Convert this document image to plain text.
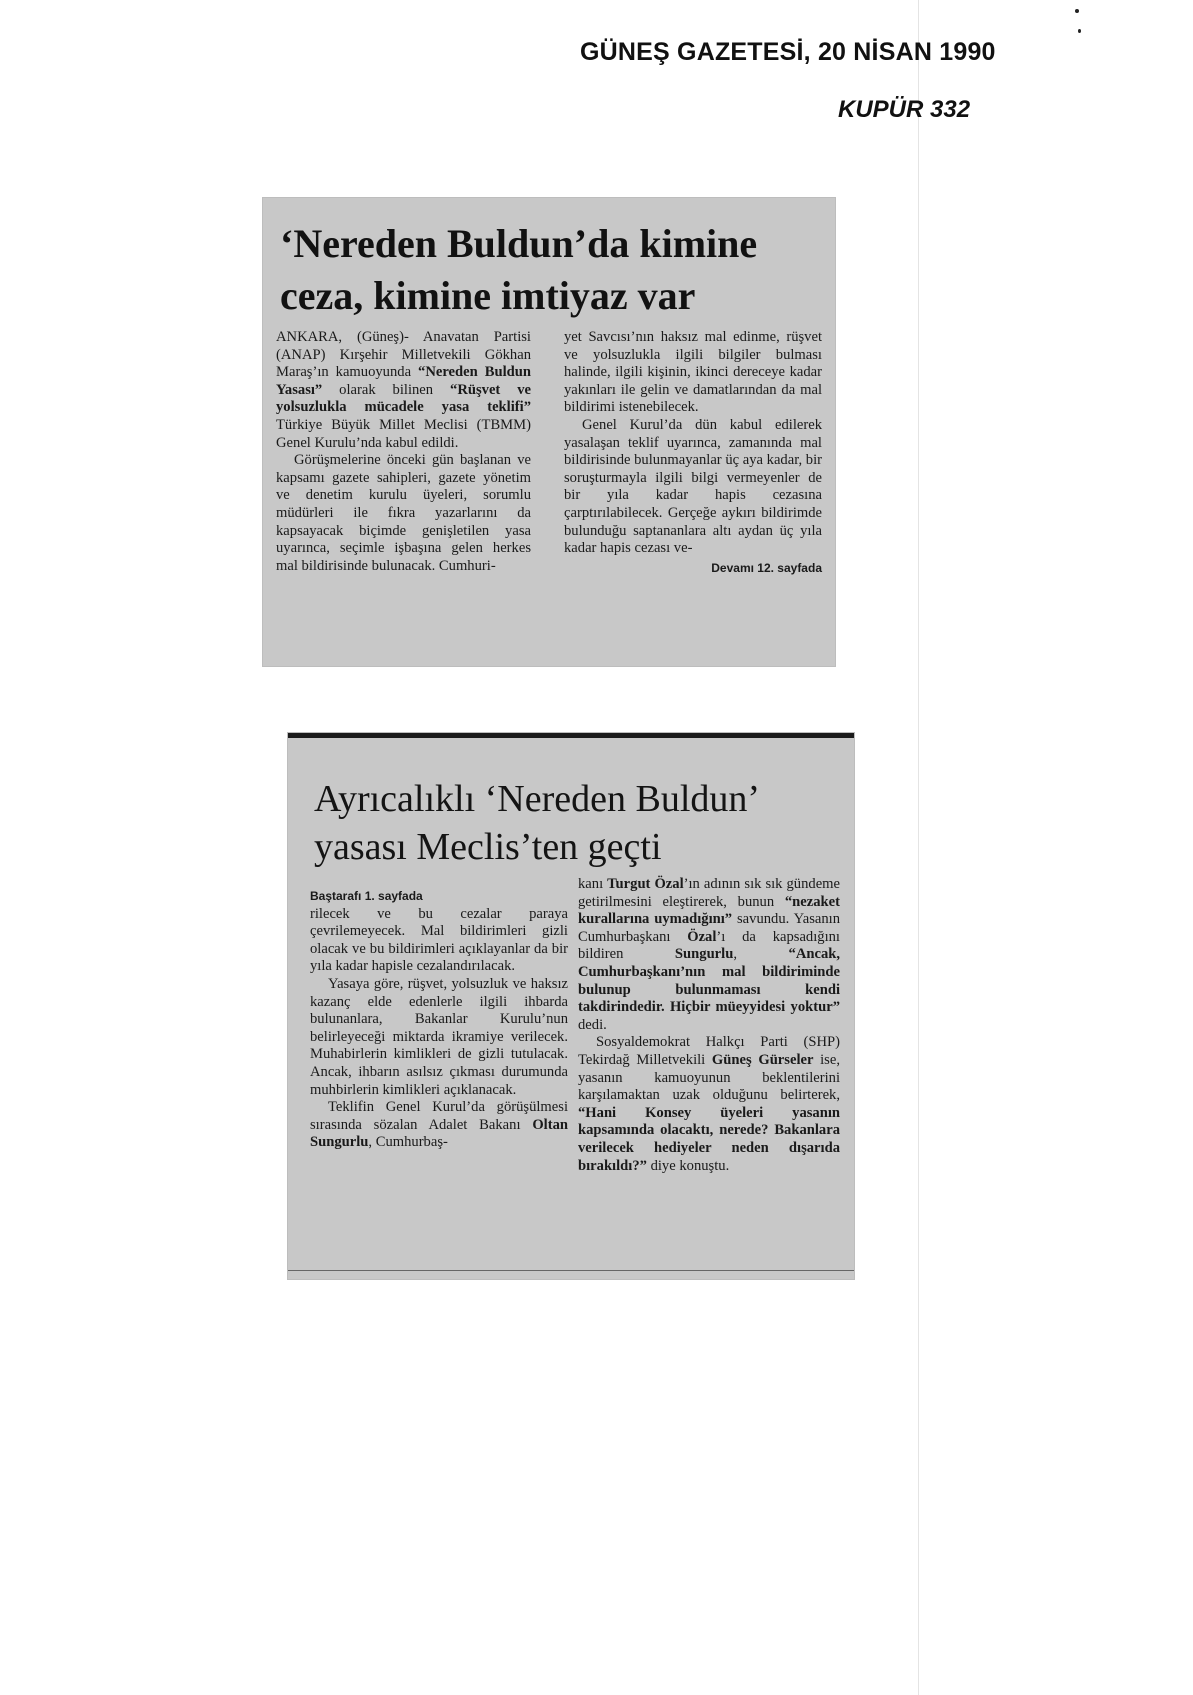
GÜNEŞ GAZETESİ, 20 NİSAN 1990
KUPÜR 332
‘Nereden Buldun’da kimine ceza, kimine imtiyaz var

ANKARA, (Güneş)- Anavatan Partisi (ANAP) Kırşehir Milletvekili Gökhan Maraş’ın kamuoyunda “Nereden Buldun Yasası” olarak bilinen “Rüşvet ve yolsuzlukla mücadele yasa teklifi” Türkiye Büyük Millet Meclisi (TBMM) Genel Kurulu’nda kabul edildi.

Görüşmelerine önceki gün başlanan ve kapsamı gazete sahipleri, gazete yönetim ve denetim kurulu üyeleri, sorumlu müdürleri ile fıkra yazarlarını da kapsayacak biçimde genişletilen yasa uyarınca, seçimle işbaşına gelen herkes mal bildirisinde bulunacak. Cumhuri-

yet Savcısı’nın haksız mal edinme, rüşvet ve yolsuzlukla ilgili bilgiler bulması halinde, ilgili kişinin, ikinci dereceye kadar yakınları ile gelin ve damatlarından da mal bildirimi istenebilecek.

Genel Kurul’da dün kabul edilerek yasalaşan teklif uyarınca, zamanında mal bildirisinde bulunmayanlar üç aya kadar, bir soruşturmayla ilgili bilgi vermeyenler de bir yıla kadar hapis cezasına çarptırılabilecek. Gerçeğe aykırı bildirimde bulunduğu saptananlara altı aydan üç yıla kadar hapis cezası ve-

Devamı 12. sayfada
Ayrıcalıklı ‘Nereden Buldun’ yasası Meclis’ten geçti
Baştarafı 1. sayfada

rilecek ve bu cezalar paraya çevrilemeyecek. Mal bildirimleri gizli olacak ve bu bildirimleri açıklayanlar da bir yıla kadar hapisle cezalandırılacak.

Yasaya göre, rüşvet, yolsuzluk ve haksız kazanç elde edenlerle ilgili ihbarda bulunanlara, Bakanlar Kurulu’nun belirleyeceği miktarda ikramiye verilecek. Muhabirlerin kimlikleri de gizli tutulacak. Ancak, ihbarın asılsız çıkması durumunda muhbirlerin kimlikleri açıklanacak.

Teklifin Genel Kurul’da görüşülmesi sırasında sözalan Adalet Bakanı Oltan Sungurlu, Cumhurbaş-

kanı Turgut Özal’ın adının sık sık gündeme getirilmesini eleştirerek, bunun “nezaket kurallarına uymadığını” savundu. Yasanın Cumhurbaşkanı Özal’ı da kapsadığını bildiren Sungurlu, “Ancak, Cumhurbaşkanı’nın mal bildiriminde bulunup bulunmaması kendi takdirindedir. Hiçbir müeyyidesi yoktur” dedi.

Sosyaldemokrat Halkçı Parti (SHP) Tekirdağ Milletvekili Güneş Gürseler ise, yasanın kamuoyunun beklentilerini karşılamaktan uzak olduğunu belirterek, “Hani Konsey üyeleri yasanın kapsamında olacaktı, nerede? Bakanlara verilecek hediyeler neden dışarıda bırakıldı?” diye konuştu.
